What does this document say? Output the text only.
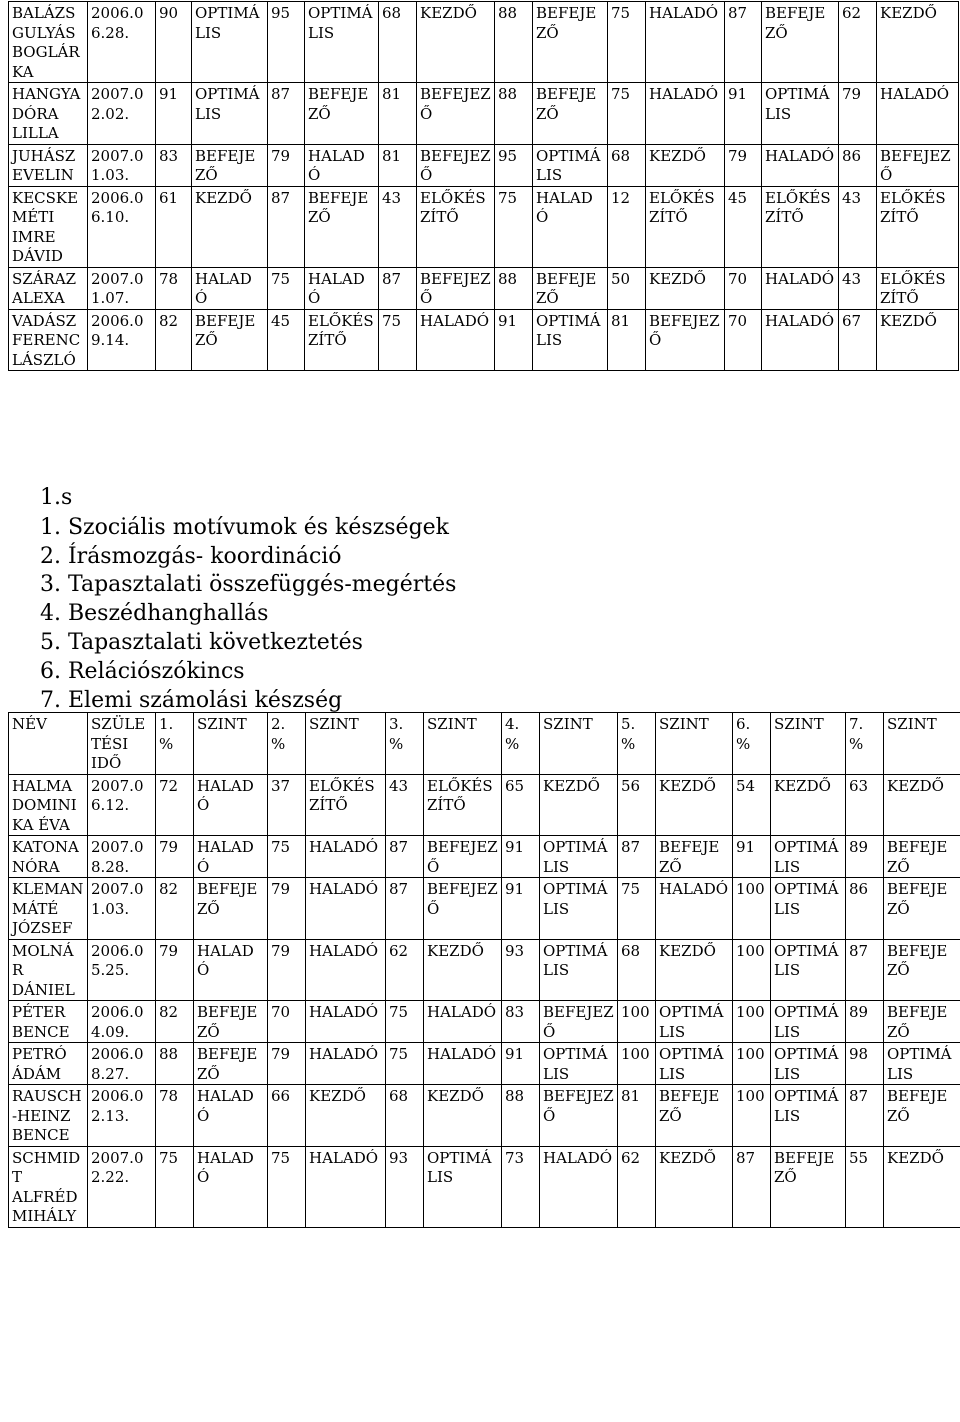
BALÁZS GULYÁS BOGLÁRKA	2006.06.28.	90	OPTIMÁLIS	95	OPTIMÁLIS	68	KEZDŐ	88	BEFEJEZŐ	75	HALADÓ	87	BEFEJEZŐ	62	KEZDŐ
HANGYA DÓRA LILLA	2007.02.02.	91	OPTIMÁLIS	87	BEFEJEZŐ	81	BEFEJEZŐ	88	BEFEJEZŐ	75	HALADÓ	91	OPTIMÁLIS	79	HALADÓ
JUHÁSZ EVELIN	2007.01.03.	83	BEFEJEZŐ	79	HALADÓ	81	BEFEJEZŐ	95	OPTIMÁLIS	68	KEZDŐ	79	HALADÓ	86	BEFEJEZŐ
KECSKEMÉTI IMRE DÁVID	2006.06.10.	61	KEZDŐ	87	BEFEJEZŐ	43	ELŐKÉSZÍTŐ	75	HALADÓ	12	ELŐKÉSZÍTŐ	45	ELŐKÉSZÍTŐ	43	ELŐKÉSZÍTŐ
SZÁRAZ ALEXA	2007.01.07.	78	HALADÓ	75	HALADÓ	87	BEFEJEZŐ	88	BEFEJEZŐ	50	KEZDŐ	70	HALADÓ	43	ELŐKÉSZÍTŐ
VADÁSZ FERENC LÁSZLÓ	2006.09.14.	82	BEFEJEZŐ	45	ELŐKÉSZÍTŐ	75	HALADÓ	91	OPTIMÁLIS	81	BEFEJEZŐ	70	HALADÓ	67	KEZDŐ
1.s
1. Szociális motívumok és készségek
2. Írásmozgás- koordináció
3. Tapasztalati összefüggés-megértés
4. Beszédhanghallás
5. Tapasztalati következtetés
6. Relációszókincs
7. Elemi számolási készség
NÉV	SZÜLETÉSI IDŐ	1. %	SZINT	2. %	SZINT	3. %	SZINT	4. %	SZINT	5. %	SZINT	6. %	SZINT	7. %	SZINT
HALMA DOMINIKA ÉVA	2007.06.12.	72	HALADÓ	37	ELŐKÉSZÍTŐ	43	ELŐKÉSZÍTŐ	65	KEZDŐ	56	KEZDŐ	54	KEZDŐ	63	KEZDŐ
KATONA NÓRA	2007.08.28.	79	HALADÓ	75	HALADÓ	87	BEFEJEZŐ	91	OPTIMÁLIS	87	BEFEJEZŐ	91	OPTIMÁLIS	89	BEFEJEZŐ
KLEMAN MÁTÉ JÓZSEF	2007.01.03.	82	BEFEJEZŐ	79	HALADÓ	87	BEFEJEZŐ	91	OPTIMÁLIS	75	HALADÓ	100	OPTIMÁLIS	86	BEFEJEZŐ
MOLNÁR DÁNIEL	2006.05.25.	79	HALADÓ	79	HALADÓ	62	KEZDŐ	93	OPTIMÁLIS	68	KEZDŐ	100	OPTIMÁLIS	87	BEFEJEZŐ
PÉTER BENCE	2006.04.09.	82	BEFEJEZŐ	70	HALADÓ	75	HALADÓ	83	BEFEJEZŐ	100	OPTIMÁLIS	100	OPTIMÁLIS	89	BEFEJEZŐ
PETRÓ ÁDÁM	2006.08.27.	88	BEFEJEZŐ	79	HALADÓ	75	HALADÓ	91	OPTIMÁLIS	100	OPTIMÁLIS	100	OPTIMÁLIS	98	OPTIMÁLIS
RAUSCH-HEINZ BENCE	2006.02.13.	78	HALADÓ	66	KEZDŐ	68	KEZDŐ	88	BEFEJEZŐ	81	BEFEJEZŐ	100	OPTIMÁLIS	87	BEFEJEZŐ
SCHMIDT ALFRÉD MIHÁLY	2007.02.22.	75	HALADÓ	75	HALADÓ	93	OPTIMÁLIS	73	HALADÓ	62	KEZDŐ	87	BEFEJEZŐ	55	KEZDŐ
